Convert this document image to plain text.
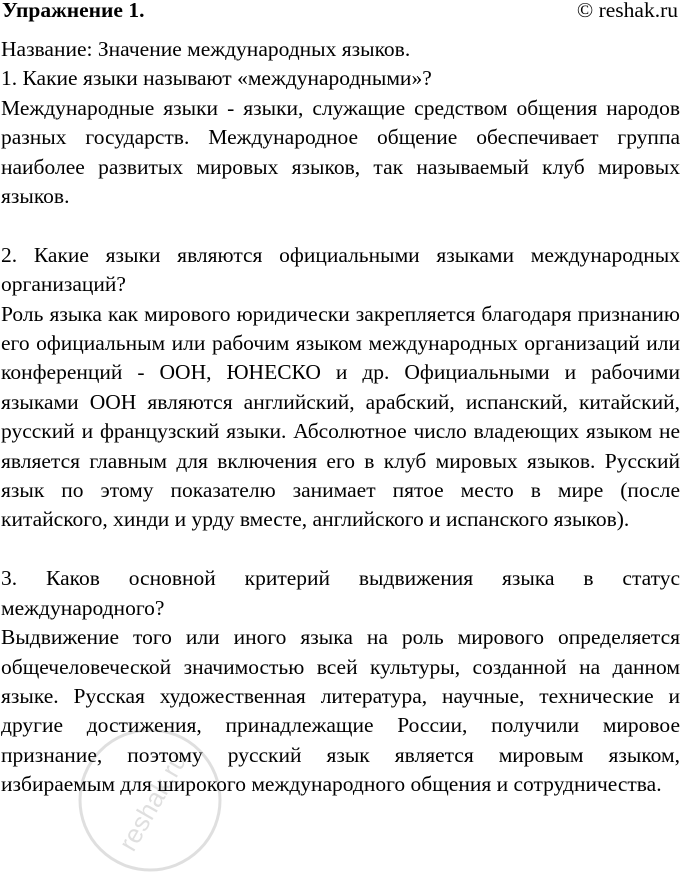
Упражнение 1.	© reshak.ru

Название: Значение международных языков.

1. Какие языки называют «международными»?

Международные языки - языки, служащие средством общения народов разных государств. Международное общение обеспечивает группа наиболее развитых мировых языков, так называемый клуб мировых языков.

2. Какие языки являются официальными языками международных организаций?

Роль языка как мирового юридически закрепляется благодаря признанию его официальным или рабочим языком международных организаций или конференций - ООН, ЮНЕСКО и др. Официальными и рабочими языками ООН являются английский, арабский, испанский, китайский, русский и французский языки. Абсолютное число владеющих языком не является главным для включения его в клуб мировых языков. Русский язык по этому показателю занимает пятое место в мире (после китайского, хинди и урду вместе, английского и испанского языков).

3. Каков основной критерий выдвижения языка в статус международного?

Выдвижение того или иного языка на роль мирового определяется общечеловеческой значимостью всей культуры, созданной на данном языке. Русская художественная литература, научные, технические и другие достижения, принадлежащие России, получили мировое признание, поэтому русский язык является мировым языком, избираемым для широкого международного общения и сотрудничества.

reshak.ru
